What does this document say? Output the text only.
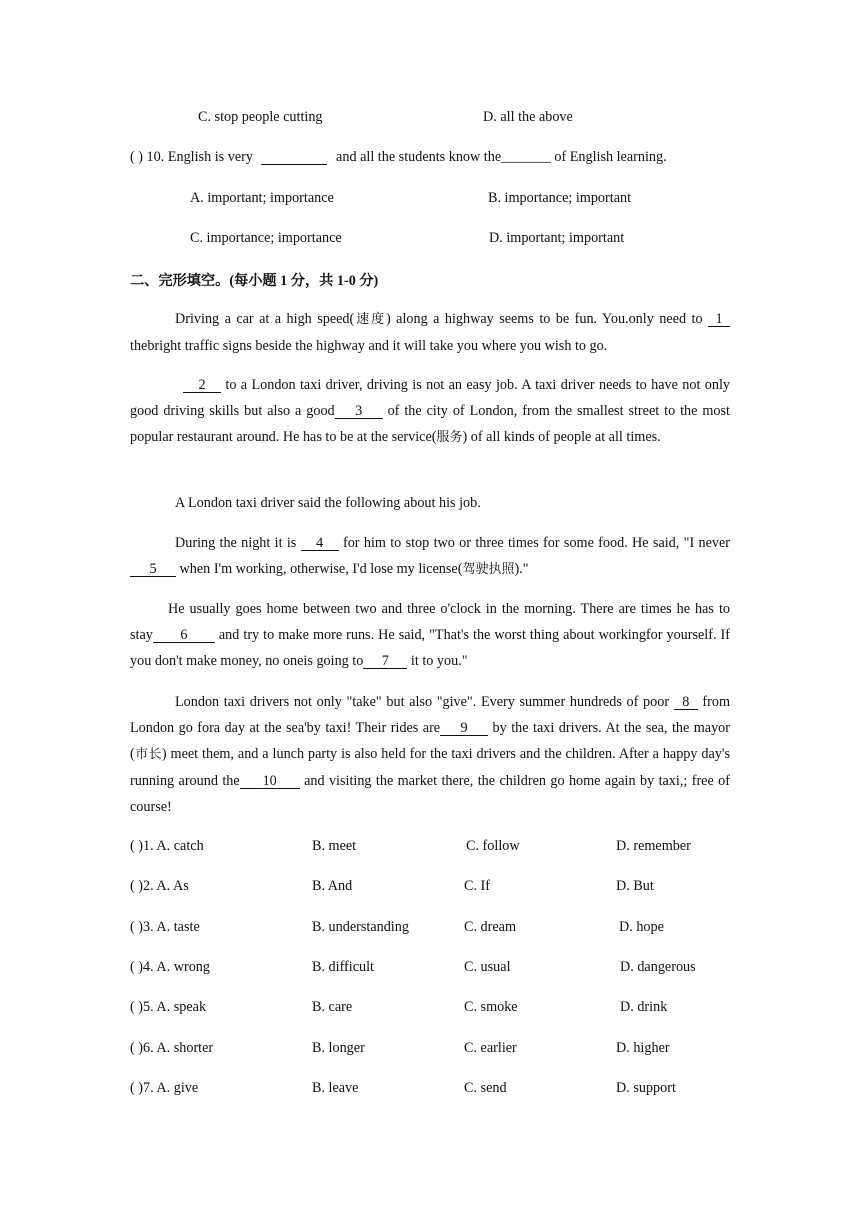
C. stop people cutting	D. all the above
( ) 10. English is very	and all the students know the_______ of English learning.
A. important; importance	B. importance; important
C. importance; importance	D. important; important
二、完形填空。(每小题 1 分，共 1-0 分)
Driving a car at a high speed(速度) along a highway seems to be fun. You.only need to 1 thebright traffic signs beside the highway and it will take you where you wish to go.
2 to a London taxi driver, driving is not an easy job. A taxi driver needs to have not only good driving skills but also a good 3 of the city of London, from the smallest street to the most popular restaurant around. He has to be at the service(服务) of all kinds of people at all times.
A London taxi driver said the following about his job.
During the night it is 4 for him to stop two or three times for some food. He said, "I never5 when I'm working, otherwise, I'd lose my license(驾驶执照)."
He usually goes home between two and three o'clock in the morning. There are times he has to stay 6 and try to make more runs. He said, "That's the worst thing about workingfor yourself. If you don't make money, no oneis going to 7 it to you."
London taxi drivers not only "take" but also "give". Every summer hundreds of poor 8 from London go fora day at the sea'by taxi! Their rides are 9 by the taxi drivers. At the sea, the mayor (市长) meet them, and a lunch party is also held for the taxi drivers and the children. After a happy day's running around the 10 and visiting the market there, the children go home again by taxi,; free of course!
( )1. A. catch	B. meet	C. follow	D. remember
( )2. A. As	B. And	C. If	D. But
( )3. A. taste	B. understanding	C. dream	D. hope
( )4. A. wrong	B. difficult	C. usual	D. dangerous
( )5. A. speak	B. care	C. smoke	D. drink
( )6. A. shorter	B. longer	C. earlier	D. higher
( )7. A. give	B. leave	C. send	D. support
